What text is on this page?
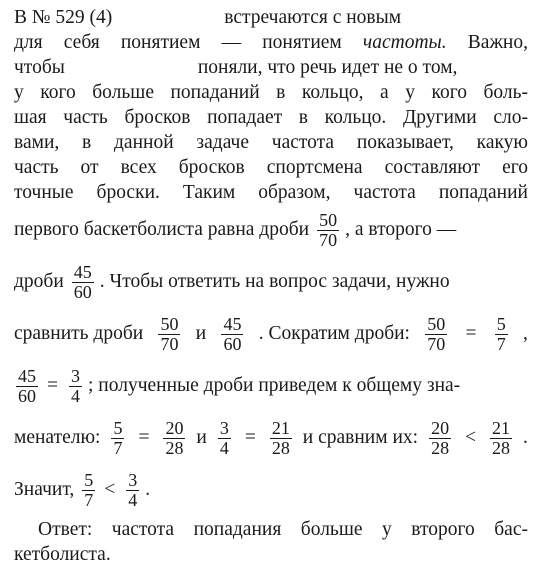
В № 529 (4)	встречаются с новым
для себя понятием — понятием частоты. Важно,
чтобы	поняли, что речь идет не о том,
у кого больше попаданий в кольцо, а у кого боль-
шая часть бросков попадает в кольцо. Другими сло-
вами, в данной задаче частота показывает, какую
часть от всех бросков спортсмена составляют его
точные броски. Таким образом, частота попаданий
первого баскетболиста равна дроби $\frac{50}{70}$ , а второго —
дроби $\frac{45}{60}$ . Чтобы ответить на вопрос задачи, нужно
сравнить дроби $\frac{50}{70}$ и $\frac{45}{60}$ . Сократим дроби: $\frac{50}{70} = \frac{5}{7}$ ,
$\frac{45}{60} = \frac{3}{4}$ ; полученные дроби приведем к общему зна-
менателю: $\frac{5}{7} = \frac{20}{28}$ и $\frac{3}{4} = \frac{21}{28}$ и сравним их: $\frac{20}{28} < \frac{21}{28}$ .
Значит, $\frac{5}{7} < \frac{3}{4}$ .
Ответ: частота попадания больше у второго бас-
кетболиста.
